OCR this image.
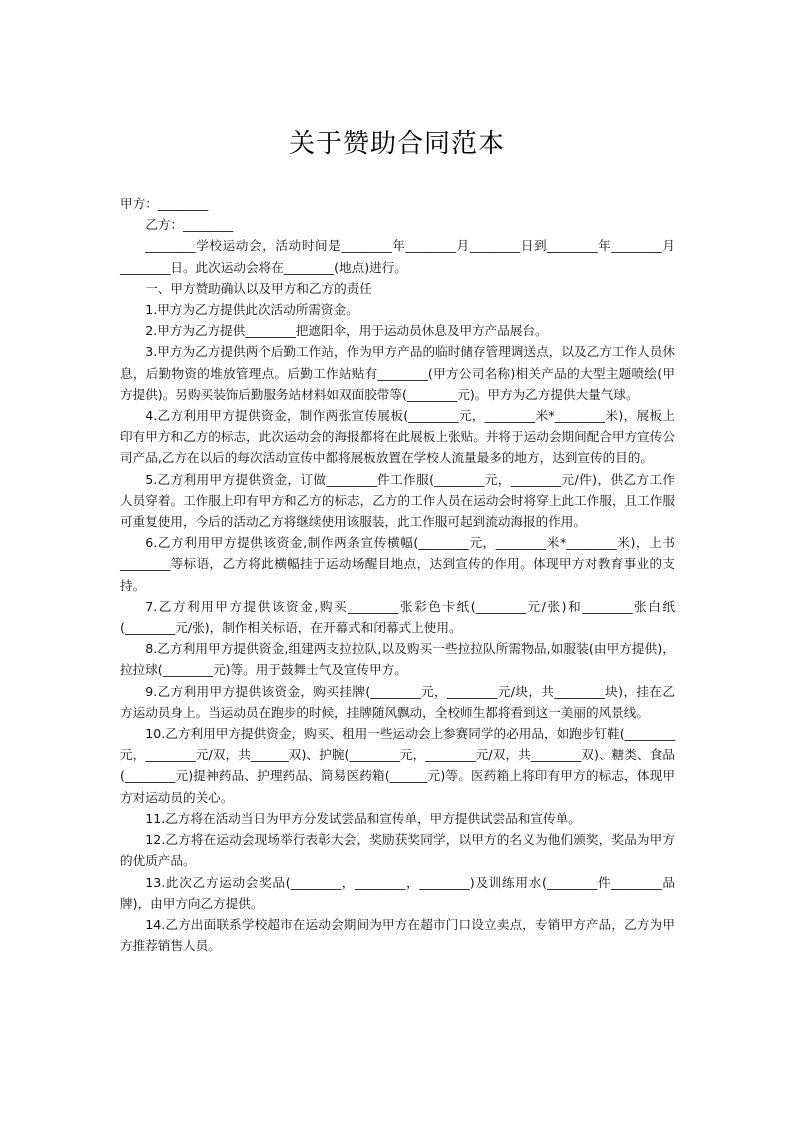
关于赞助合同范本

甲方：________

乙方：________

________学校运动会，活动时间是________年________月________日到________年________月________日。此次运动会将在________(地点)进行。

一、甲方赞助确认以及甲方和乙方的责任

1.甲方为乙方提供此次活动所需资金。

2.甲方为乙方提供________把遮阳伞，用于运动员休息及甲方产品展台。

3.甲方为乙方提供两个后勤工作站，作为甲方产品的临时储存管理调送点，以及乙方工作人员休息，后勤物资的堆放管理点。后勤工作站贴有________(甲方公司名称)相关产品的大型主题喷绘(甲方提供)。另购买装饰后勤服务站材料如双面胶带等(________元)。甲方为乙方提供大量气球。

4.乙方利用甲方提供资金，制作两张宣传展板(________元，________米*________米)，展板上印有甲方和乙方的标志，此次运动会的海报都将在此展板上张贴。并将于运动会期间配合甲方宣传公司产品,乙方在以后的每次活动宣传中都将展板放置在学校人流量最多的地方，达到宣传的目的。

5.乙方利用甲方提供资金，订做________件工作服(________元，________元/件)，供乙方工作人员穿着。工作服上印有甲方和乙方的标志，乙方的工作人员在运动会时将穿上此工作服，且工作服可重复使用，今后的活动乙方将继续使用该服装，此工作服可起到流动海报的作用。

6.乙方利用甲方提供该资金,制作两条宣传横幅(________元，________米*________米)，上书________等标语，乙方将此横幅挂于运动场醒目地点，达到宣传的作用。体现甲方对教育事业的支持。

7.乙方利用甲方提供该资金,购买________张彩色卡纸(________元/张)和________张白纸(________元/张)，制作相关标语，在开幕式和闭幕式上使用。

8.乙方利用甲方提供资金,组建两支拉拉队,以及购买一些拉拉队所需物品,如服装(由甲方提供)，拉拉球(________元)等。用于鼓舞士气及宣传甲方。

9.乙方利用甲方提供该资金，购买挂牌(________元，________元/块，共________块)，挂在乙方运动员身上。当运动员在跑步的时候，挂牌随风飘动，全校师生都将看到这一美丽的风景线。

10.乙方利用甲方提供资金，购买、租用一些运动会上参赛同学的必用品，如跑步钉鞋(________元，________元/双，共______双)、护腕(________元，________元/双，共________双)、糖类、食品(________元)提神药品、护理药品、简易医药箱(______元)等。医药箱上将印有甲方的标志，体现甲方对运动员的关心。

11.乙方将在活动当日为甲方分发试尝品和宣传单，甲方提供试尝品和宣传单。

12.乙方将在运动会现场举行表彰大会，奖励获奖同学，以甲方的名义为他们颁奖，奖品为甲方的优质产品。

13.此次乙方运动会奖品(________，________，________)及训练用水(________件________品牌)，由甲方向乙方提供。

14.乙方出面联系学校超市在运动会期间为甲方在超市门口设立卖点，专销甲方产品，乙方为甲方推荐销售人员。
